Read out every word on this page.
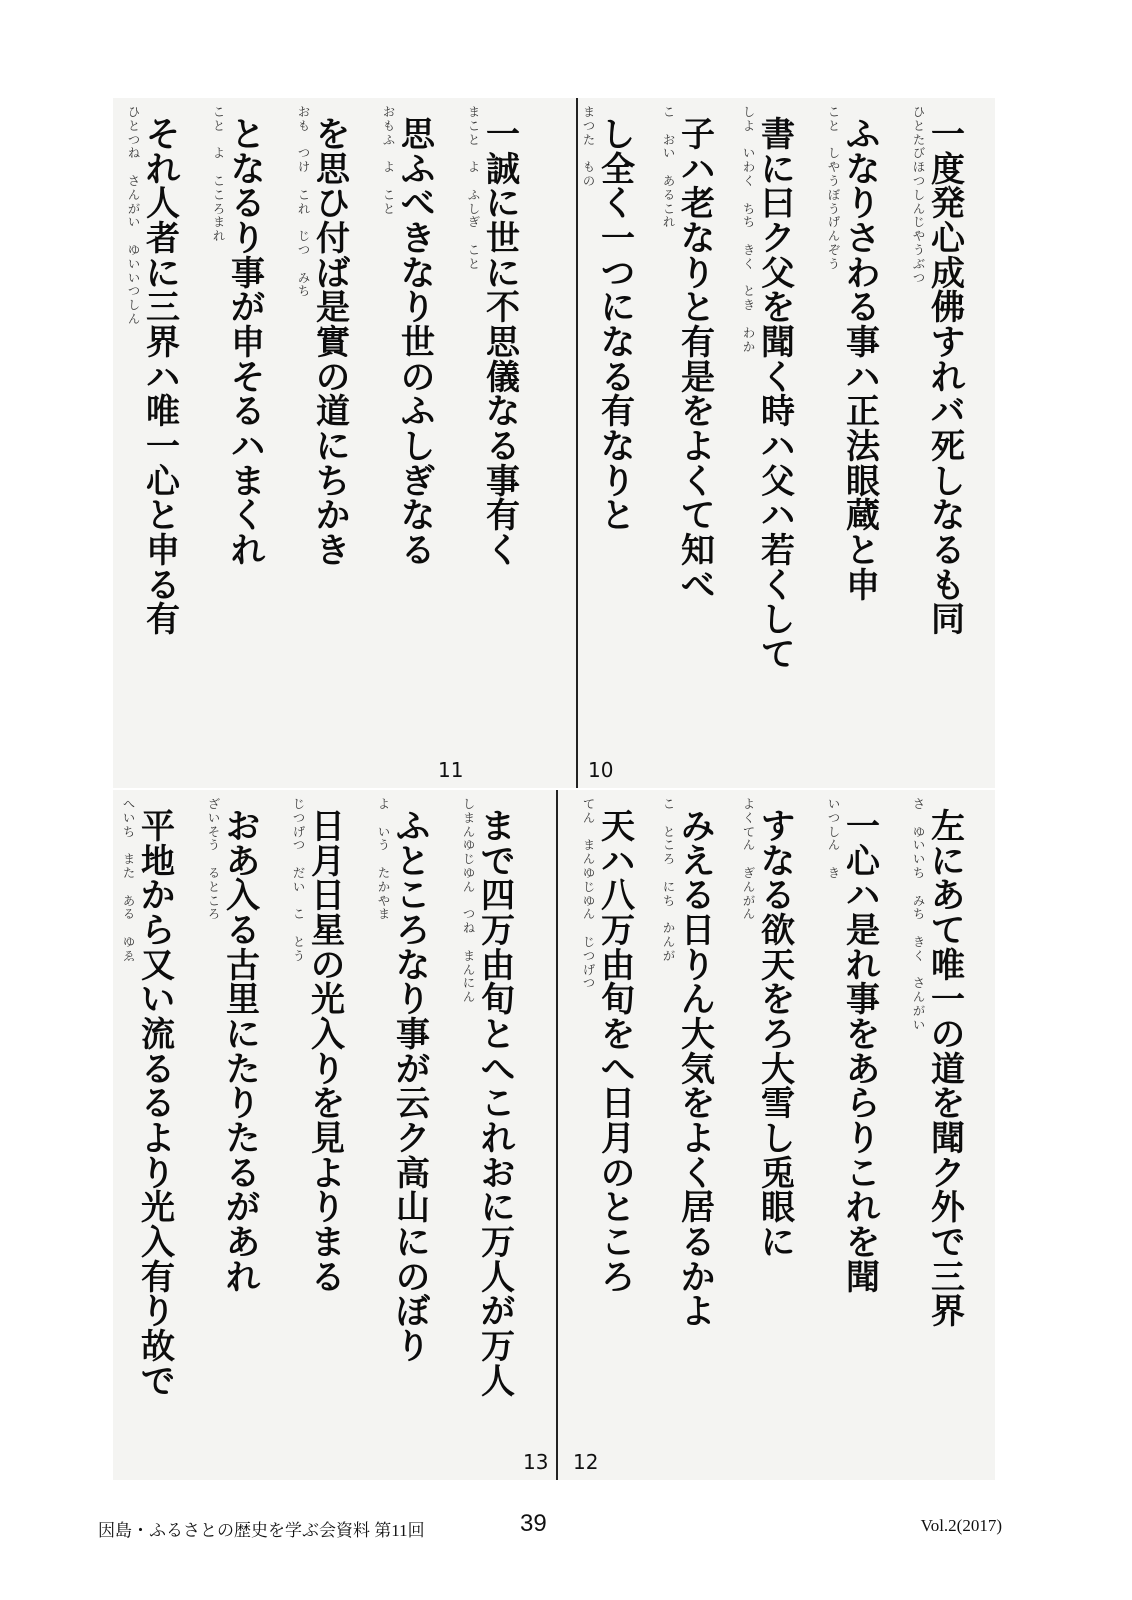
一
度
発
心
成
佛
す
れ
バ
死
し
な
る
も
同
ひ
と
た
び
ほ
つ
し
ん
じ
や
う
ぶ
つ
ふ
な
り
さ
わ
る
事
ハ
正
法
眼
蔵
と
申
こ
と

し
や
う
ぼ
う
げ
ん
ぞ
う
書
に
曰
ク
父
を
聞
く
時
ハ
父
ハ
若
く
し
て
し
よ

い
わ
く

ち
ち

き
く

と
き

わ
か
子
ハ
老
な
り
と
有
是
を
よ
く
て
知
べ
こ

お
い

あ
る
こ
れ
し
全
く
一
つ
に
な
る
有
な
り
と
ま
つ
た

も
の
一
誠
に
世
に
不
思
儀
な
る
事
有
く
ま
こ
と

よ

ふ
し
ぎ

こ
と
思
ふ
べ
き
な
り
世
の
ふ
し
ぎ
な
る
お
も
ふ

よ

こ
と
を
思
ひ
付
ば
是
實
の
道
に
ち
か
き
お
も

つ
け

こ
れ

じ
つ

み
ち
と
な
る
り
事
が
申
そ
る
ハ
ま
く
れ
こ
と

よ

こ
こ
ろ
ま
れ
そ
れ
人
者
に
三
界
ハ
唯
一
心
と
申
る
有
ひ
と
つ
ね

さ
ん
が
い

ゆ
い
い
つ
し
ん
11	10
左
に
あ
て
唯
一
の
道
を
聞
ク
外
で
三
界
さ

ゆ
い
い
ち

み
ち

き
く

さ
ん
が
い
一
心
ハ
是
れ
事
を
あ
ら
り
こ
れ
を
聞
い
つ
し
ん

き
す
な
る
欲
天
を
ろ
大
雪
し
兎
眼
に
よ
く
て
ん

ぎ
ん
が
ん
み
え
る
日
り
ん
大
気
を
よ
く
居
る
か
よ
こ

と
こ
ろ

に
ち

か
ん
が
天
ハ
八
万
由
旬
を
へ
日
月
の
と
こ
ろ
て
ん

ま
ん
ゆ
じ
ゆ
ん

じ
つ
げ
つ
ま
で
四
万
由
旬
と
へ
こ
れ
お
に
万
人
が
万
人
し
ま
ん
ゆ
じ
ゆ
ん

つ
ね

ま
ん
に
ん
ふ
と
こ
ろ
な
り
事
が
云
ク
高
山
に
の
ぼ
り
よ

い
う

た
か
や
ま
日
月
日
星
の
光
入
り
を
見
よ
り
ま
る
じ
つ
げ
つ

だ
い

こ

と
う
お
あ
入
る
古
里
に
た
り
た
る
が
あ
れ
ざ
い
そ
う

る
と
こ
ろ
平
地
か
ら
又
い
流
る
る
よ
り
光
入
有
り
故
で
へ
い
ち

ま
た

あ
る

ゆ
ゑ
13 12
因島・ふるさとの歴史を学ぶ会資料 第11回	39	Vol.2(2017)
